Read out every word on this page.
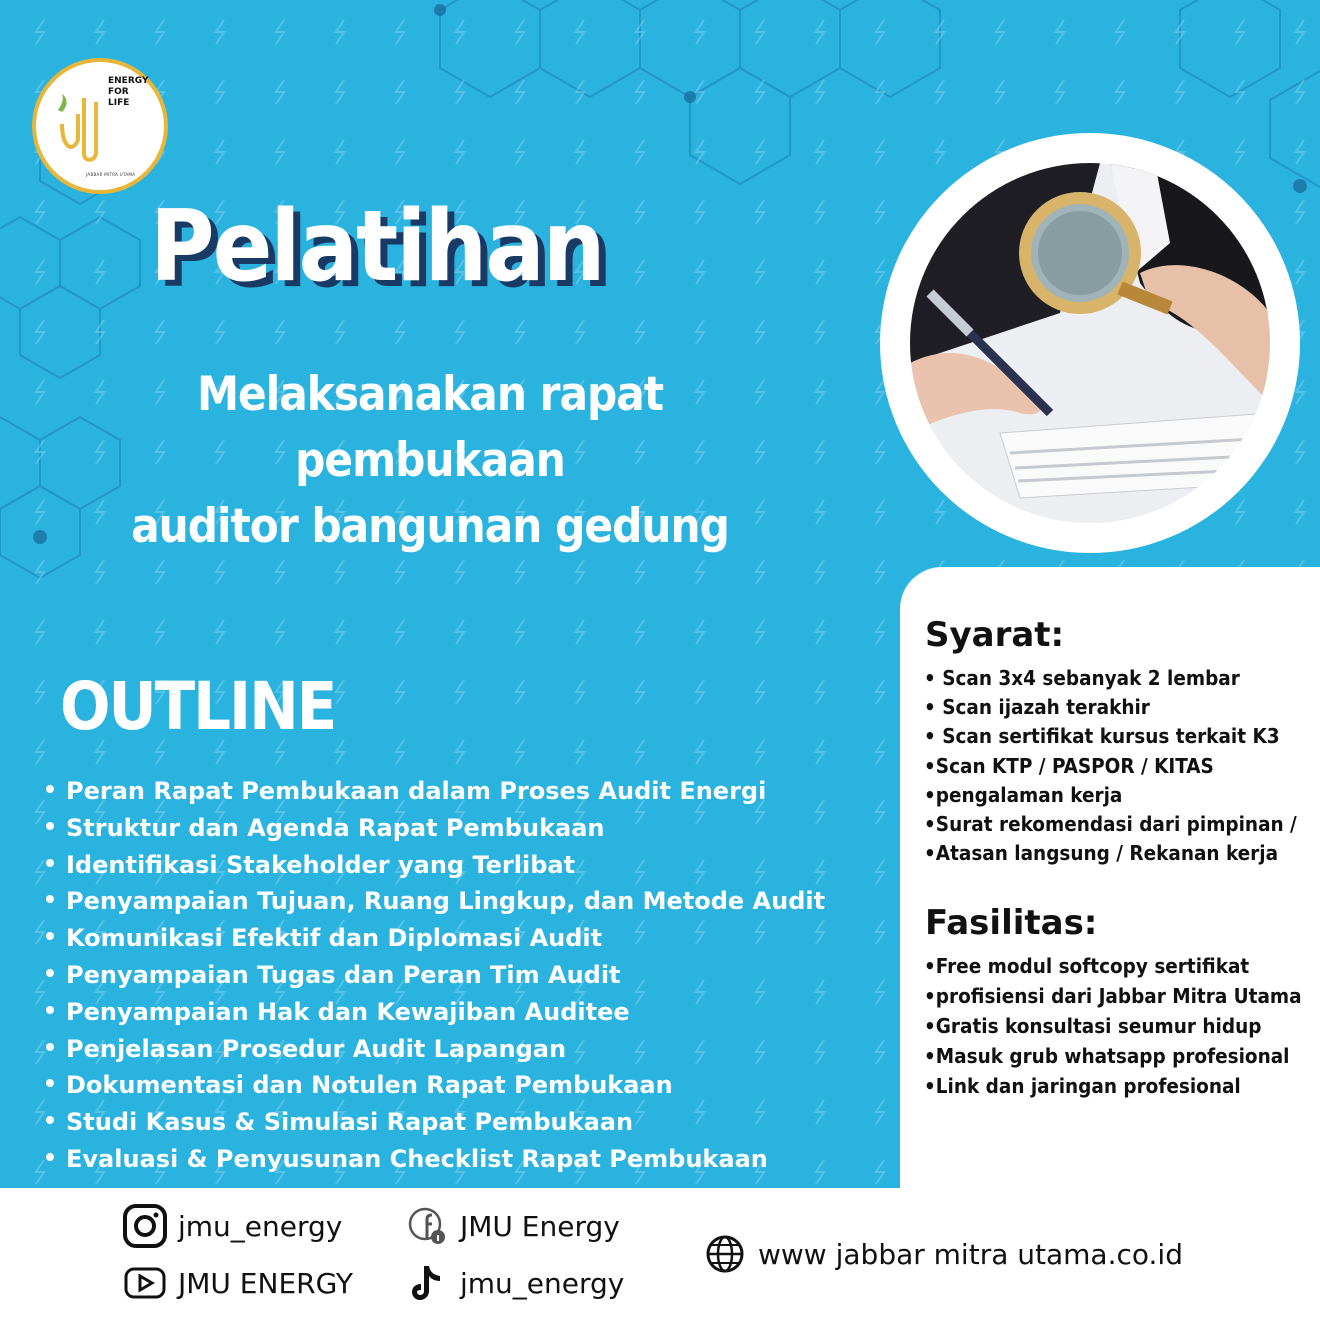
ENERGY
FOR
LIFE
JABBAR MITRA UTAMA
Pelatihan
Melaksanakan rapat pembukaan
auditor bangunan gedung
OUTLINE
Peran Rapat Pembukaan dalam Proses Audit Energi
Struktur dan Agenda Rapat Pembukaan
Identifikasi Stakeholder yang Terlibat
Penyampaian Tujuan, Ruang Lingkup, dan Metode Audit
Komunikasi Efektif dan Diplomasi Audit
Penyampaian Tugas dan Peran Tim Audit
Penyampaian Hak dan Kewajiban Auditee
Penjelasan Prosedur Audit Lapangan
Dokumentasi dan Notulen Rapat Pembukaan
Studi Kasus & Simulasi Rapat Pembukaan
Evaluasi & Penyusunan Checklist Rapat Pembukaan
Syarat:
• Scan 3x4 sebanyak 2 lembar
• Scan ijazah terakhir
• Scan sertifikat kursus terkait K3
•Scan KTP / PASPOR / KITAS
•pengalaman kerja
•Surat rekomendasi dari pimpinan /
•Atasan langsung / Rekanan kerja
Fasilitas:
•Free modul softcopy sertifikat
•profisiensi dari Jabbar Mitra Utama
•Gratis konsultasi seumur hidup
•Masuk grub whatsapp profesional
•Link dan jaringan profesional
jmu_energy	JMU Energy
JMU ENERGY	jmu_energy
www jabbar mitra utama.co.id
